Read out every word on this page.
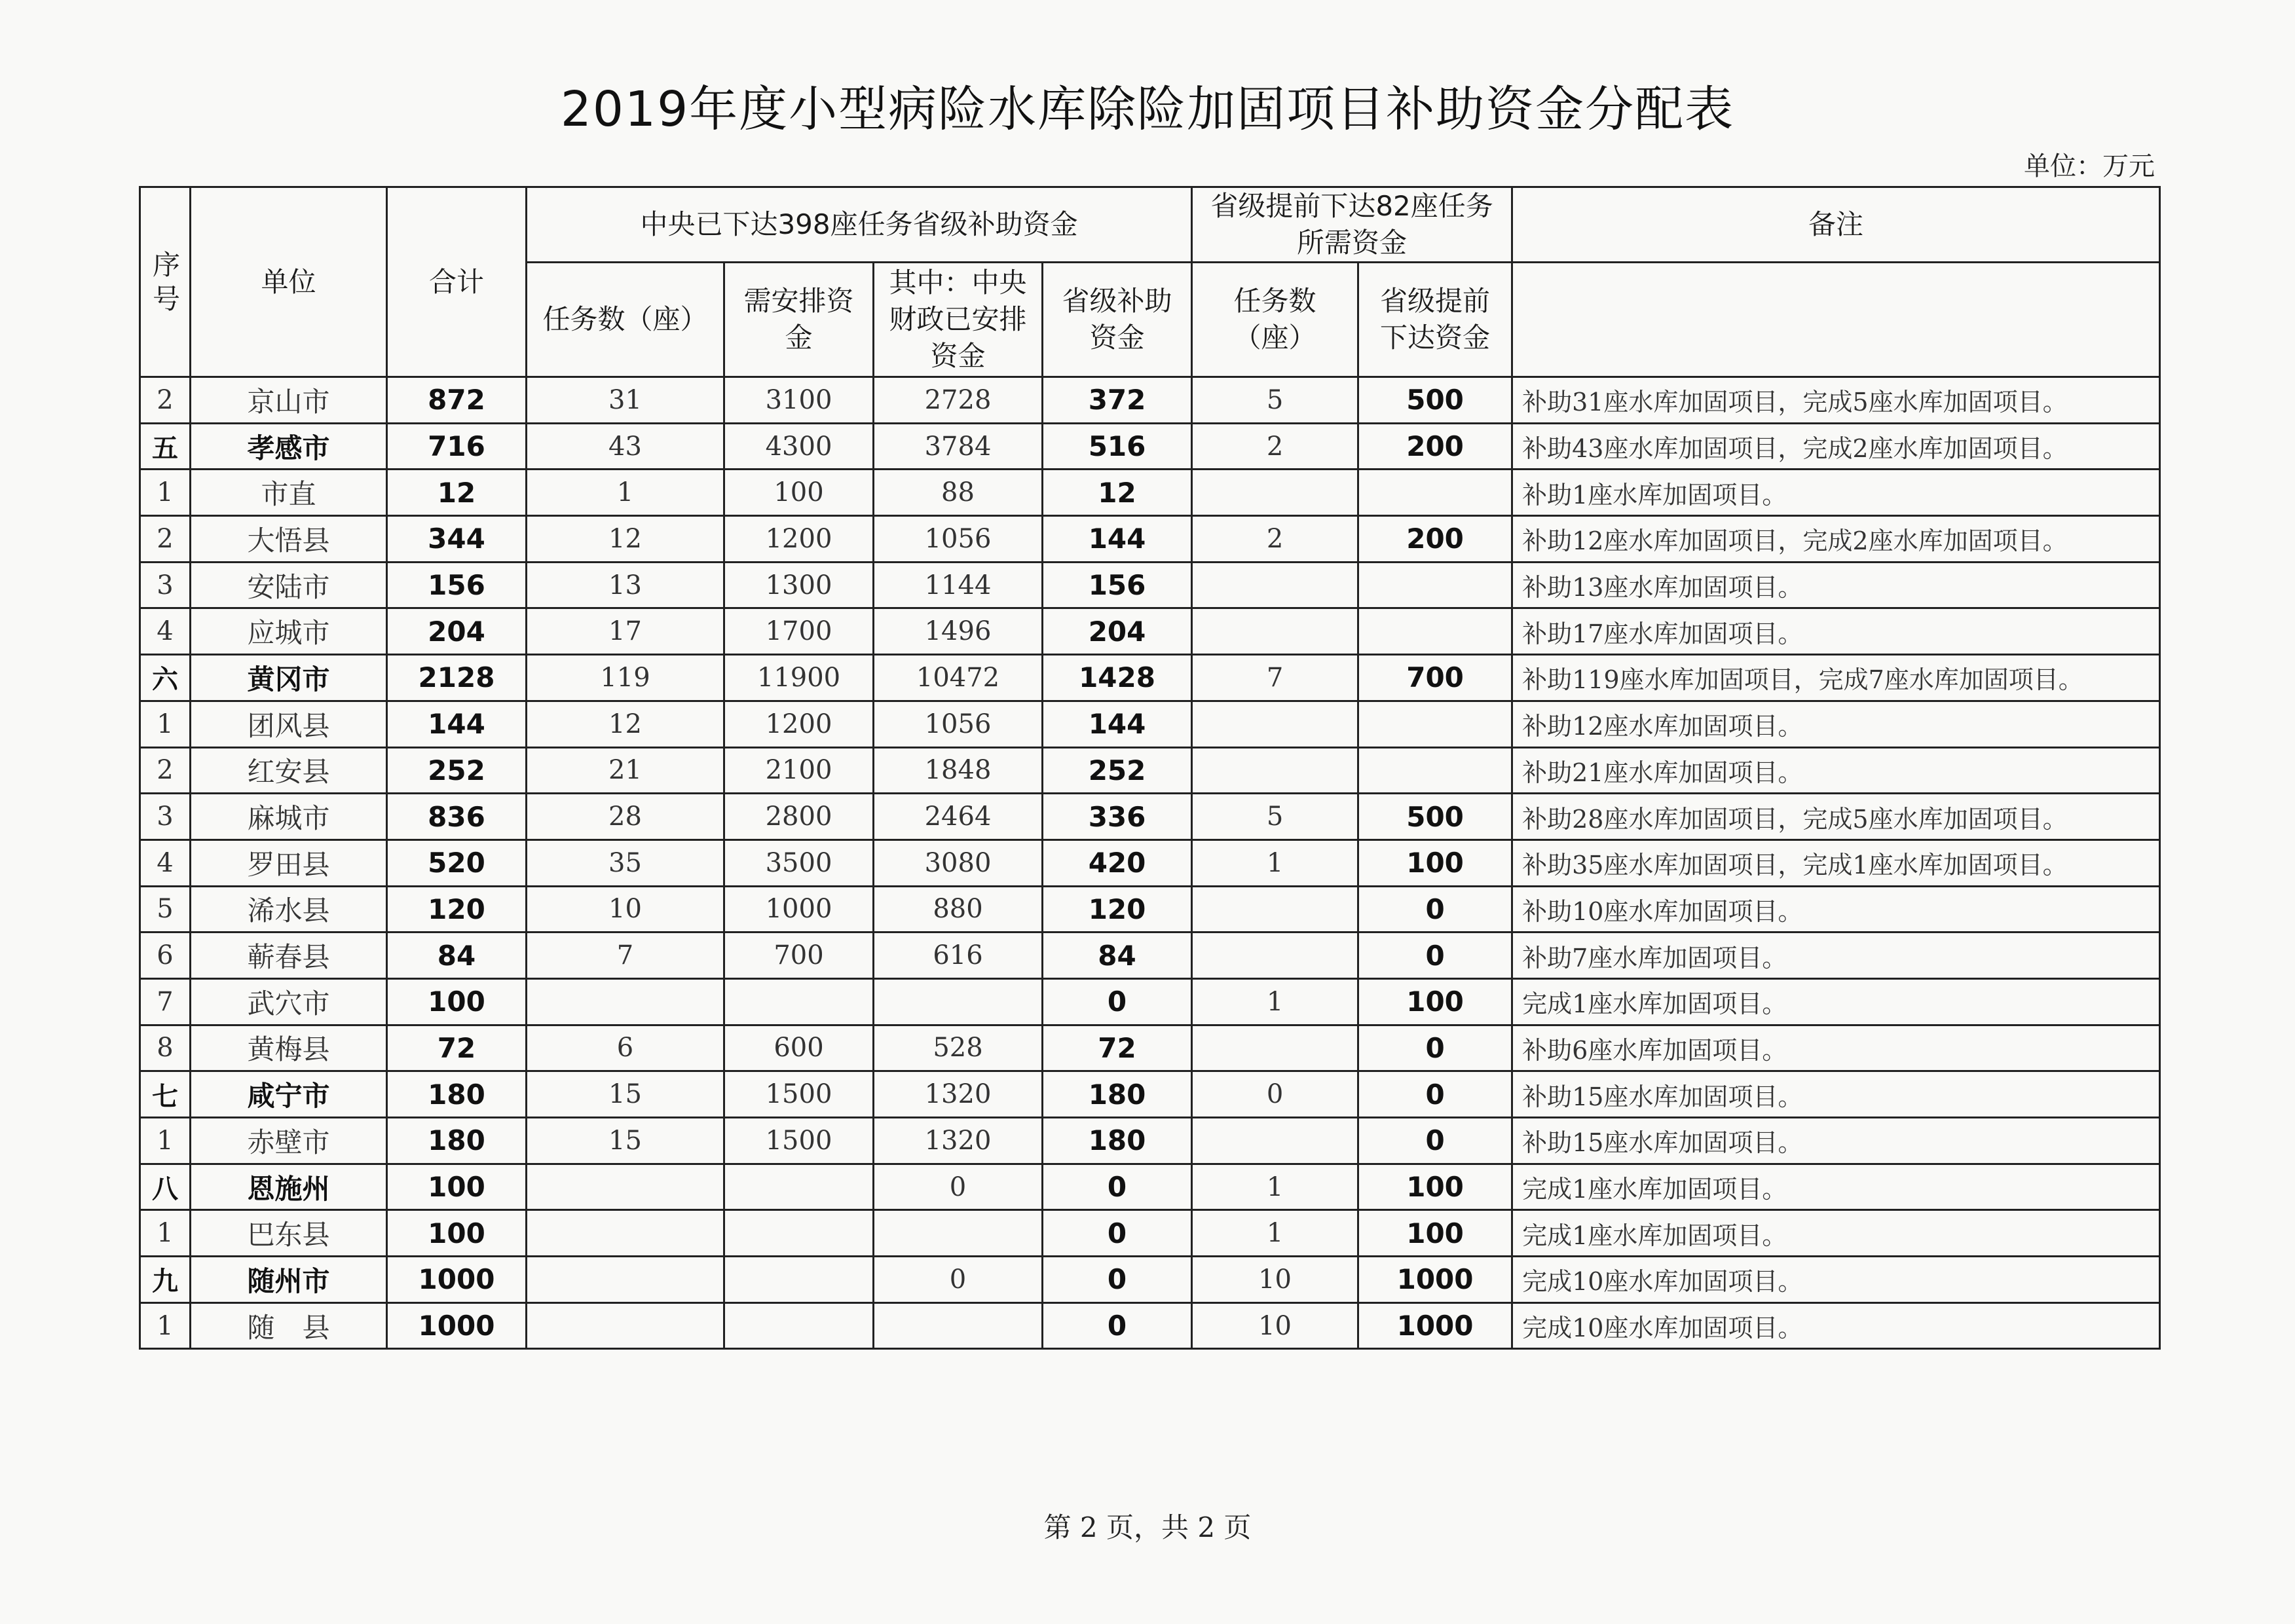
2019年度小型病险水库除险加固项目补助资金分配表
单位：万元
序号	单位	合计	中央已下达398座任务省级补助资金				省级提前下达82座任务所需资金		备注
			任务数（座）	需安排资金	其中：中央财政已安排资金	省级补助资金	任务数（座）	省级提前下达资金	
2	京山市	872	31	3100	2728	372	5	500	补助31座水库加固项目，完成5座水库加固项目。
五	孝感市	716	43	4300	3784	516	2	200	补助43座水库加固项目，完成2座水库加固项目。
1	市直	12	1	100	88	12			补助1座水库加固项目。
2	大悟县	344	12	1200	1056	144	2	200	补助12座水库加固项目，完成2座水库加固项目。
3	安陆市	156	13	1300	1144	156			补助13座水库加固项目。
4	应城市	204	17	1700	1496	204			补助17座水库加固项目。
六	黄冈市	2128	119	11900	10472	1428	7	700	补助119座水库加固项目，完成7座水库加固项目。
1	团风县	144	12	1200	1056	144			补助12座水库加固项目。
2	红安县	252	21	2100	1848	252			补助21座水库加固项目。
3	麻城市	836	28	2800	2464	336	5	500	补助28座水库加固项目，完成5座水库加固项目。
4	罗田县	520	35	3500	3080	420	1	100	补助35座水库加固项目，完成1座水库加固项目。
5	浠水县	120	10	1000	880	120		0	补助10座水库加固项目。
6	蕲春县	84	7	700	616	84		0	补助7座水库加固项目。
7	武穴市	100				0	1	100	完成1座水库加固项目。
8	黄梅县	72	6	600	528	72		0	补助6座水库加固项目。
七	咸宁市	180	15	1500	1320	180	0	0	补助15座水库加固项目。
1	赤壁市	180	15	1500	1320	180		0	补助15座水库加固项目。
八	恩施州	100			0	0	1	100	完成1座水库加固项目。
1	巴东县	100				0	1	100	完成1座水库加固项目。
九	随州市	1000			0	0	10	1000	完成10座水库加固项目。
1	随　县	1000				0	10	1000	完成10座水库加固项目。
第 2 页，共 2 页
